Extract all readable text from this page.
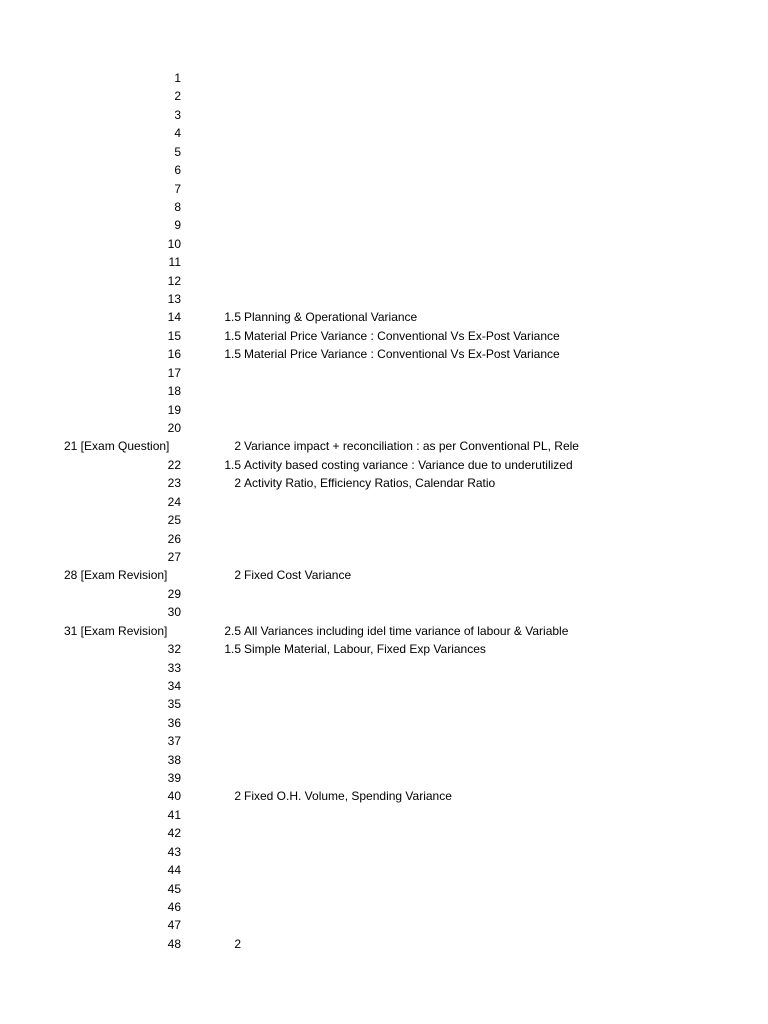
1
2
3
4
5
6
7
8
9
10
11
12
13
14	1.5 Planning & Operational Variance
15	1.5 Material Price Variance : Conventional Vs Ex-Post Variance
16	1.5 Material Price Variance : Conventional Vs Ex-Post Variance
17
18
19
20
21 [Exam Question]	2 Variance impact + reconciliation : as per Conventional PL, Rele
22	1.5 Activity based costing variance : Variance due to underutilized
23	2 Activity Ratio, Efficiency Ratios, Calendar Ratio
24
25
26
27
28 [Exam Revision]	2 Fixed Cost Variance
29
30
31 [Exam Revision]	2.5 All Variances including idel time variance of labour & Variable
32	1.5 Simple Material, Labour, Fixed Exp Variances
33
34
35
36
37
38
39
40	2 Fixed O.H. Volume, Spending Variance
41
42
43
44
45
46
47
48	2
